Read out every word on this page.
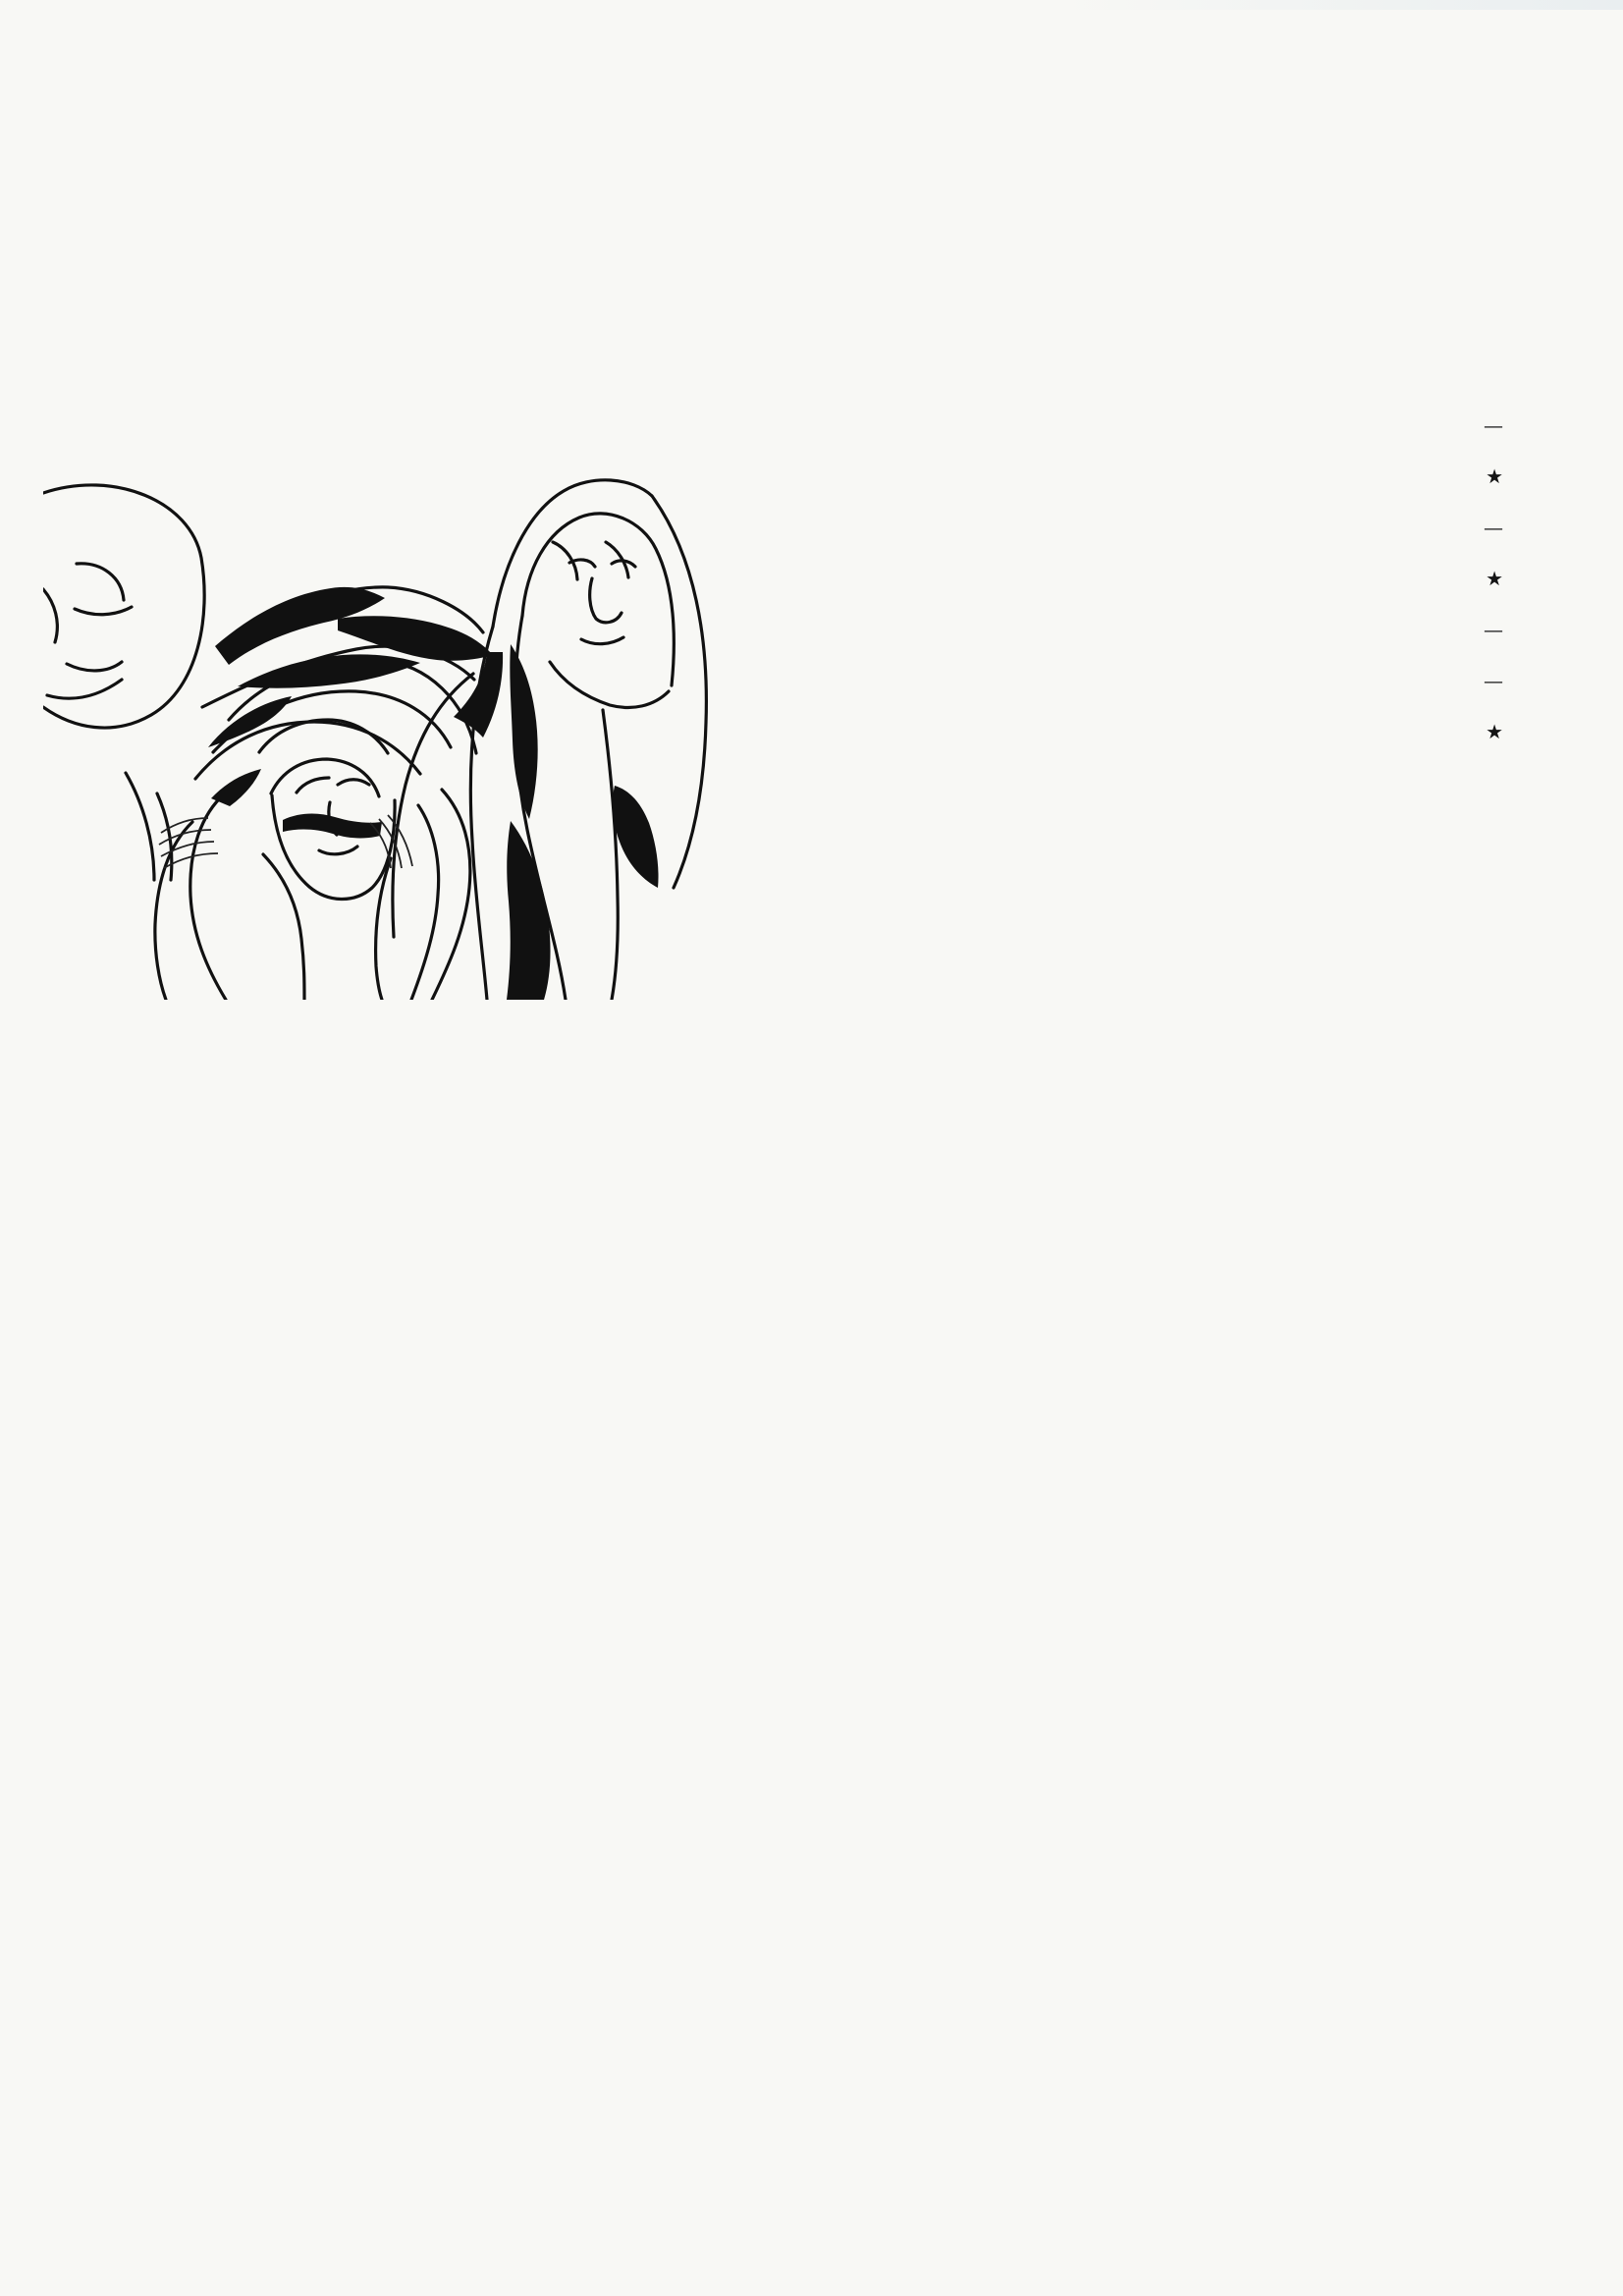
—

★

—

★

—

—

★
